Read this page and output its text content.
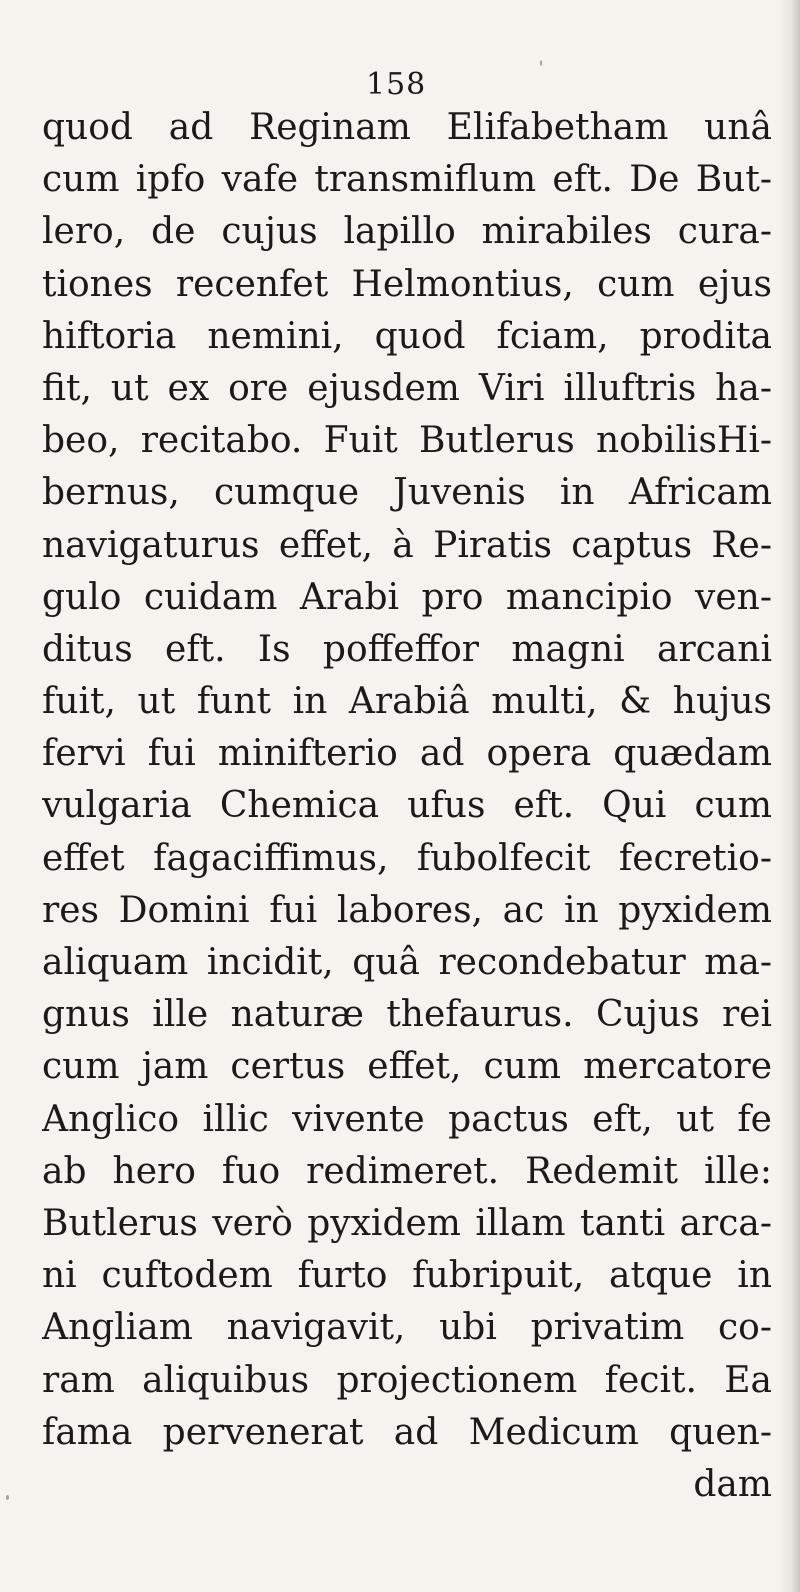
158
quod ad Reginam Elifabetham unâ
cum ipfo vafe transmiflum eft. De But-
lero, de cujus lapillo mirabiles cura-
tiones recenfet Helmontius, cum ejus
hiftoria nemini, quod fciam, prodita
fit, ut ex ore ejusdem Viri illuftris ha-
beo, recitabo. Fuit Butlerus nobilisHi-
bernus, cumque Juvenis in Africam
navigaturus effet, à Piratis captus Re-
gulo cuidam Arabi pro mancipio ven-
ditus eft. Is poffeffor magni arcani
fuit, ut funt in Arabiâ multi, & hujus
fervi fui minifterio ad opera quædam
vulgaria Chemica ufus eft. Qui cum
effet fagaciffimus, fubolfecit fecretio-
res Domini fui labores, ac in pyxidem
aliquam incidit, quâ recondebatur ma-
gnus ille naturæ thefaurus. Cujus rei
cum jam certus effet, cum mercatore
Anglico illic vivente pactus eft, ut fe
ab hero fuo redimeret. Redemit ille:
Butlerus verò pyxidem illam tanti arca-
ni cuftodem furto fubripuit, atque in
Angliam navigavit, ubi privatim co-
ram aliquibus projectionem fecit. Ea
fama pervenerat ad Medicum quen-
dam
